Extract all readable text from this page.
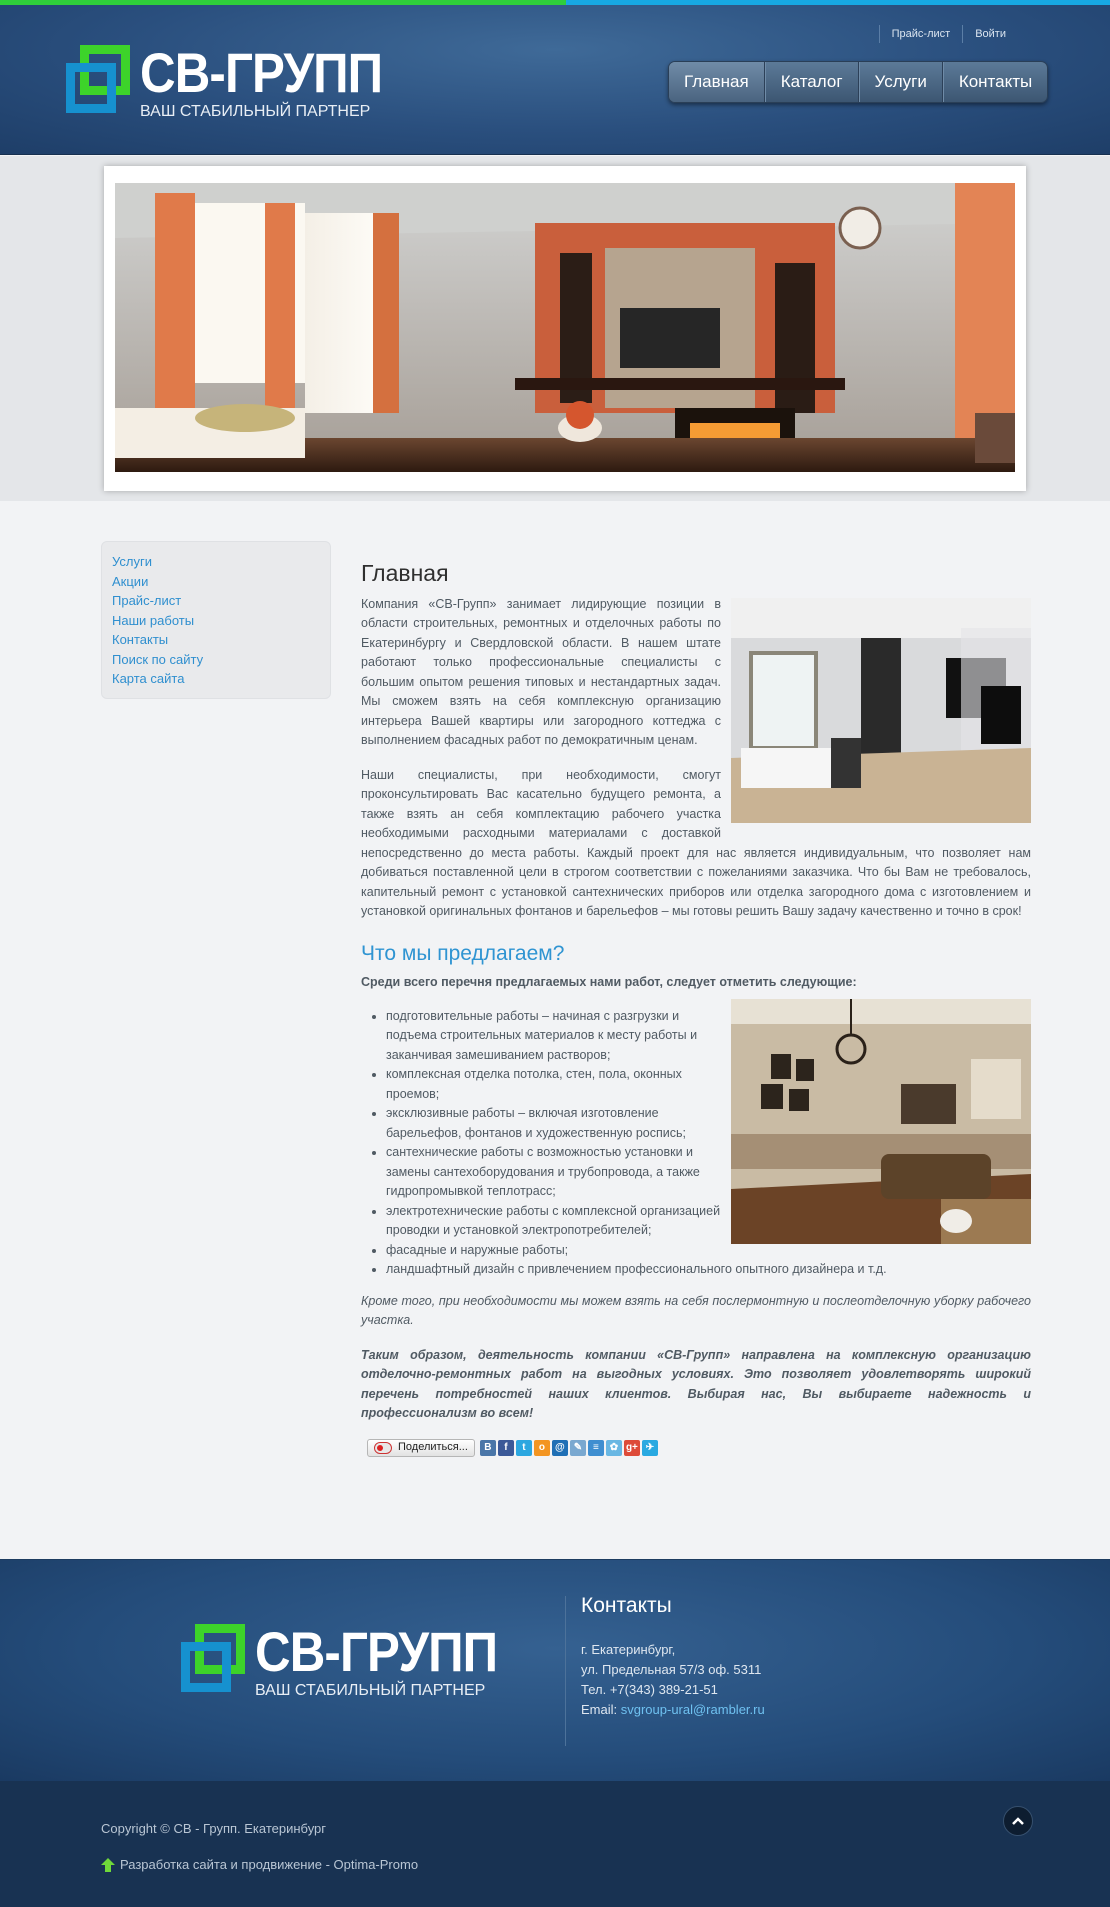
СВ-ГРУПП
ВАШ СТАБИЛЬНЫЙ ПАРТНЕР
Прайс-лист	Войти
Главная	Каталог	Услуги	Контакты
Услуги
Акции
Прайс-лист
Наши работы
Контакты
Поиск по сайту
Карта сайта
Главная

Компания «СВ-Групп» занимает лидирующие позиции в области строительных, ремонтных и отделочных работы по Екатеринбургу и Свердловской области. В нашем штате работают только профессиональные специалисты с большим опытом решения типовых и нестандартных задач. Мы сможем взять на себя комплексную организацию интерьера Вашей квартиры или загородного коттеджа с выполнением фасадных работ по демократичным ценам.

Наши специалисты, при необходимости, смогут проконсультировать Вас касательно будущего ремонта, а также взять ан себя комплектацию рабочего участка необходимыми расходными материалами с доставкой непосредственно до места работы. Каждый проект для нас является индивидуальным, что позволяет нам добиваться поставленной цели в строгом соответствии с пожеланиями заказчика. Что бы Вам не требовалось, капительный ремонт с установкой сантехнических приборов или отделка загородного дома с изготовлением и установкой оригинальных фонтанов и барельефов – мы готовы решить Вашу задачу качественно и точно в срок!

Что мы предлагаем?

Среди всего перечня предлагаемых нами работ, следует отметить следующие:

• подготовительные работы – начиная с разгрузки и подъема строительных материалов к месту работы и заканчивая замешиванием растворов;
• комплексная отделка потолка, стен, пола, оконных проемов;
• эксклюзивные работы – включая изготовление барельефов, фонтанов и художественную роспись;
• сантехнические работы с возможностью установки и замены сантехоборудования и трубопровода, а также гидропромывкой теплотрасс;
• электротехнические работы с комплексной организацией проводки и установкой электропотребителей;
• фасадные и наружные работы;
• ландшафтный дизайн с привлечением профессионального опытного дизайнера и т.д.

Кроме того, при необходимости мы можем взять на себя послермонтную и послеотделочную уборку рабочего участка.

Таким образом, деятельность компании «СВ-Групп» направлена на комплексную организацию отделочно-ремонтных работ на выгодных условиях. Это позволяет удовлетворять широкий перечень потребностей наших клиентов. Выбирая нас, Вы выбираете надежность и профессионализм во всем!

Поделиться...	В	f	t	о	@ ✎	≡	✿ g+ ✈
СВ-ГРУПП
ВАШ СТАБИЛЬНЫЙ ПАРТНЕР
Контакты
г. Екатеринбург,
ул. Предельная 57/3 оф. 5311
Тел. +7(343) 389-21-51
Email: svgroup-ural@rambler.ru
Copyright © СВ - Групп. Екатеринбург
Разработка сайта и продвижение - Optima-Promo
